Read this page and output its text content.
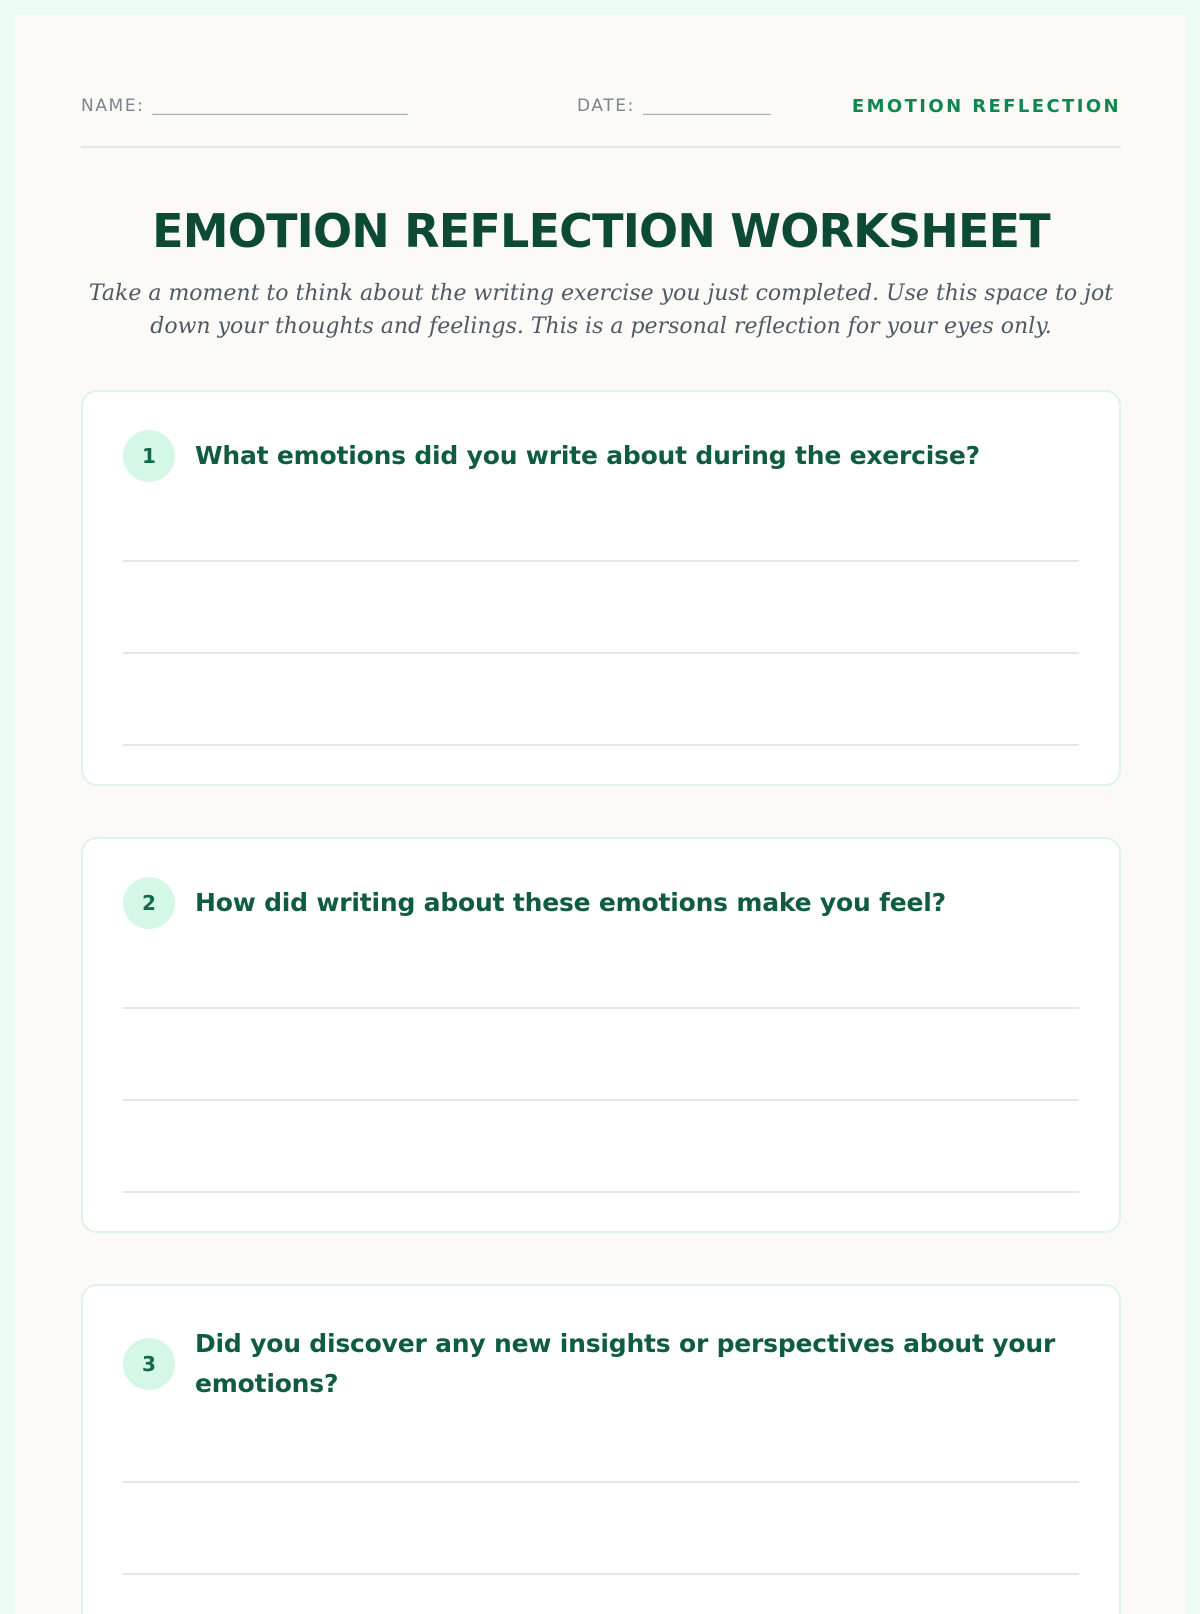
NAME: ______________________________	DATE: _______________	EMOTION REFLECTION
EMOTION REFLECTION WORKSHEET

Take a moment to think about the writing exercise you just completed. Use this space to jot down your thoughts and feelings. This is a personal reflection for your eyes only.

1	What emotions did you write about during the exercise?
2	How did writing about these emotions make you feel?
3
Did you discover any new insights or perspectives about your emotions?
